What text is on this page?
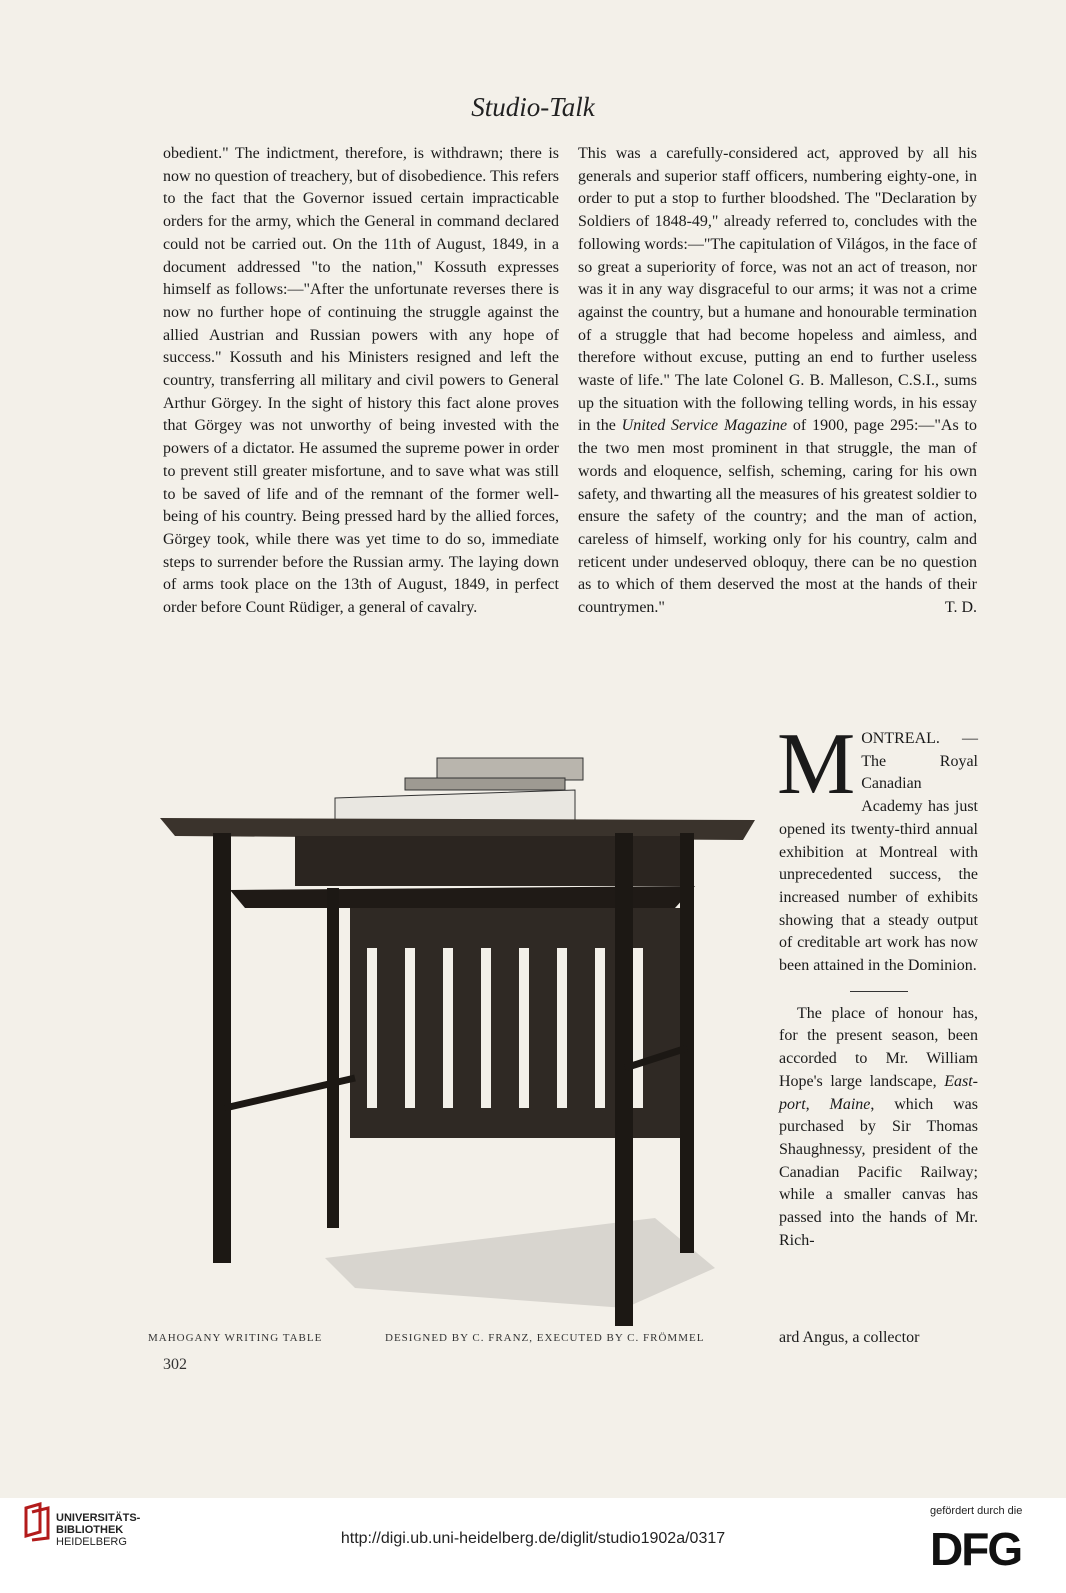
Studio-Talk

obedient." The indictment, therefore, is withdrawn; there is now no question of treachery, but of disobedience. This refers to the fact that the Governor issued certain impracticable orders for the army, which the General in command declared could not be carried out. On the 11th of August, 1849, in a document addressed "to the nation," Kossuth expresses himself as follows:—"After the unfortunate reverses there is now no further hope of continuing the struggle against the allied Austrian and Russian powers with any hope of success." Kossuth and his Ministers resigned and left the country, transferring all military and civil powers to General Arthur Görgey. In the sight of history this fact alone proves that Görgey was not unworthy of being invested with the powers of a dictator. He assumed the supreme power in order to prevent still greater misfortune, and to save what was still to be saved of life and of the remnant of the former well-being of his country. Being pressed hard by the allied forces, Görgey took, while there was yet time to do so, immediate steps to surrender before the Russian army. The laying down of arms took place on the 13th of August, 1849, in perfect order before Count Rüdiger, a general of cavalry.

This was a carefully-considered act, approved by all his generals and superior staff officers, numbering eighty-one, in order to put a stop to further bloodshed. The "Declaration by Soldiers of 1848-49," already referred to, concludes with the following words:—"The capitulation of Világos, in the face of so great a superiority of force, was not an act of treason, nor was it in any way disgraceful to our arms; it was not a crime against the country, but a humane and honourable termination of a struggle that had become hopeless and aimless, and therefore without excuse, putting an end to further useless waste of life." The late Colonel G. B. Malleson, C.S.I., sums up the situation with the following telling words, in his essay in the United Service Magazine of 1900, page 295:—"As to the two men most prominent in that struggle, the man of words and eloquence, selfish, scheming, caring for his own safety, and thwarting all the measures of his greatest soldier to ensure the safety of the country; and the man of action, careless of himself, working only for his country, calm and reticent under undeserved obloquy, there can be no question as to which of them deserved the most at the hands of their countrymen."	T. D.

MONTREAL. —The Royal Canadian Academy has just opened its twenty-third annual exhibition at Montreal with unprecedented success, the increased number of exhibits showing that a steady output of creditable art work has now been attained in the Dominion.

The place of honour has, for the present season, been accorded to Mr. William Hope's large landscape, East-port, Maine, which was purchased by Sir Thomas Shaughnessy, president of the Canadian Pacific Railway; while a smaller canvas has passed into the hands of Mr. Rich-

MAHOGANY WRITING TABLE	DESIGNED BY C. FRANZ, EXECUTED BY C. FRÖMMEL	ard Angus, a collector
302
UNIVERSITÄTS-
BIBLIOTHEK
HEIDELBERG	http://digi.ub.uni-heidelberg.de/diglit/studio1902a/0317
gefördert durch die
DFG
